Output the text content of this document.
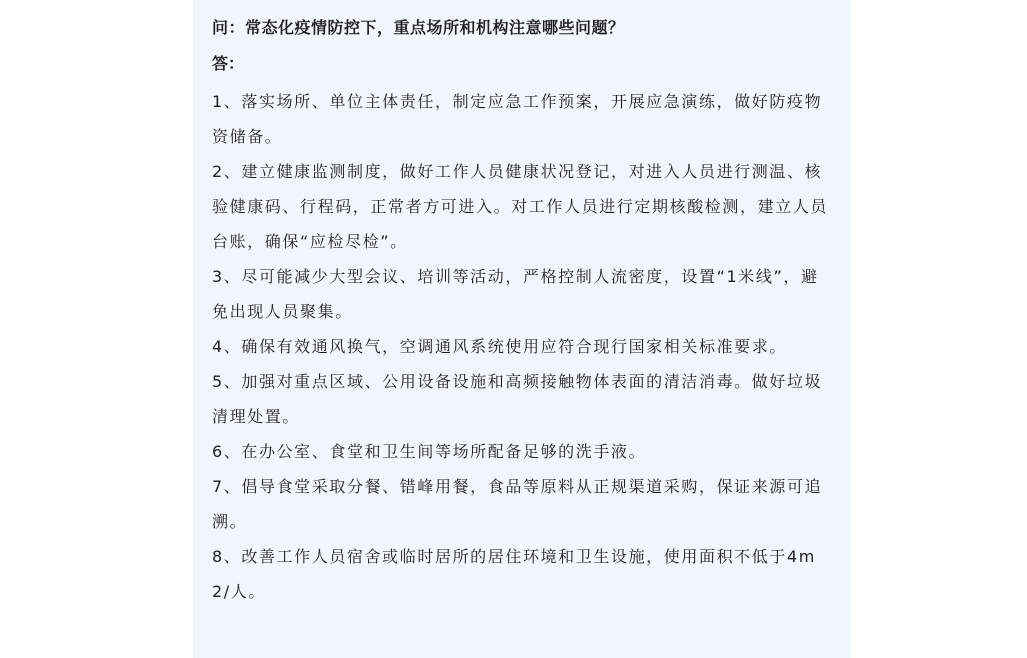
问：常态化疫情防控下，重点场所和机构注意哪些问题？

答：

1、落实场所、单位主体责任，制定应急工作预案，开展应急演练，做好防疫物资储备。

2、建立健康监测制度，做好工作人员健康状况登记，对进入人员进行测温、核验健康码、行程码，正常者方可进入。对工作人员进行定期核酸检测，建立人员台账，确保“应检尽检”。

3、尽可能减少大型会议、培训等活动，严格控制人流密度，设置“1米线”，避免出现人员聚集。

4、确保有效通风换气，空调通风系统使用应符合现行国家相关标准要求。

5、加强对重点区域、公用设备设施和高频接触物体表面的清洁消毒。做好垃圾清理处置。

6、在办公室、食堂和卫生间等场所配备足够的洗手液。

7、倡导食堂采取分餐、错峰用餐，食品等原料从正规渠道采购，保证来源可追溯。

8、改善工作人员宿舍或临时居所的居住环境和卫生设施，使用面积不低于4m2/人。
